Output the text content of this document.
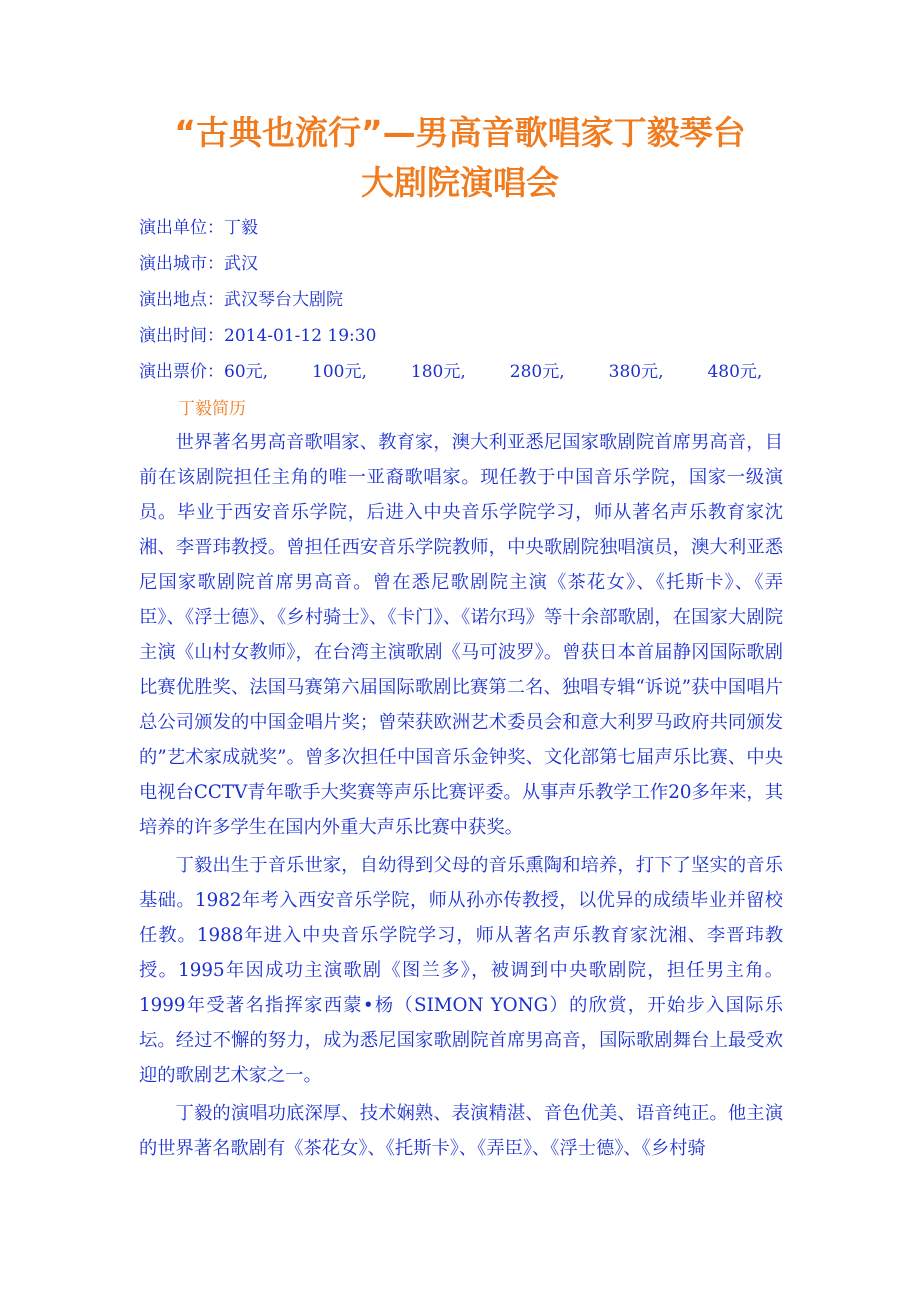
“古典也流行”—男高音歌唱家丁毅琴台
大剧院演唱会
演出单位：丁毅
演出城市：武汉
演出地点：武汉琴台大剧院
演出时间：2014-01-12 19:30
演出票价：60元,	100元,	180元,	280元,	380元,	480元,
丁毅简历

世界著名男高音歌唱家、教育家，澳大利亚悉尼国家歌剧院首席男高音，目前在该剧院担任主角的唯一亚裔歌唱家。现任教于中国音乐学院，国家一级演员。毕业于西安音乐学院，后进入中央音乐学院学习，师从著名声乐教育家沈湘、李晋玮教授。曾担任西安音乐学院教师，中央歌剧院独唱演员，澳大利亚悉尼国家歌剧院首席男高音。曾在悉尼歌剧院主演《茶花女》、《托斯卡》、《弄臣》、《浮士德》、《乡村骑士》、《卡门》、《诺尔玛》等十余部歌剧，在国家大剧院主演《山村女教师》，在台湾主演歌剧《马可波罗》。曾获日本首届静冈国际歌剧比赛优胜奖、法国马赛第六届国际歌剧比赛第二名、独唱专辑“诉说”获中国唱片总公司颁发的中国金唱片奖；曾荣获欧洲艺术委员会和意大利罗马政府共同颁发的”艺术家成就奖”。曾多次担任中国音乐金钟奖、文化部第七届声乐比赛、中央电视台CCTV青年歌手大奖赛等声乐比赛评委。从事声乐教学工作20多年来，其培养的许多学生在国内外重大声乐比赛中获奖。

丁毅出生于音乐世家，自幼得到父母的音乐熏陶和培养，打下了坚实的音乐基础。1982年考入西安音乐学院，师从孙亦传教授，以优异的成绩毕业并留校任教。1988年进入中央音乐学院学习，师从著名声乐教育家沈湘、李晋玮教授。1995年因成功主演歌剧《图兰多》，被调到中央歌剧院，担任男主角。1999年受著名指挥家西蒙•杨（SIMON YONG）的欣赏，开始步入国际乐坛。经过不懈的努力，成为悉尼国家歌剧院首席男高音，国际歌剧舞台上最受欢迎的歌剧艺术家之一。

丁毅的演唱功底深厚、技术娴熟、表演精湛、音色优美、语音纯正。他主演的世界著名歌剧有《茶花女》、《托斯卡》、《弄臣》、《浮士德》、《乡村骑
